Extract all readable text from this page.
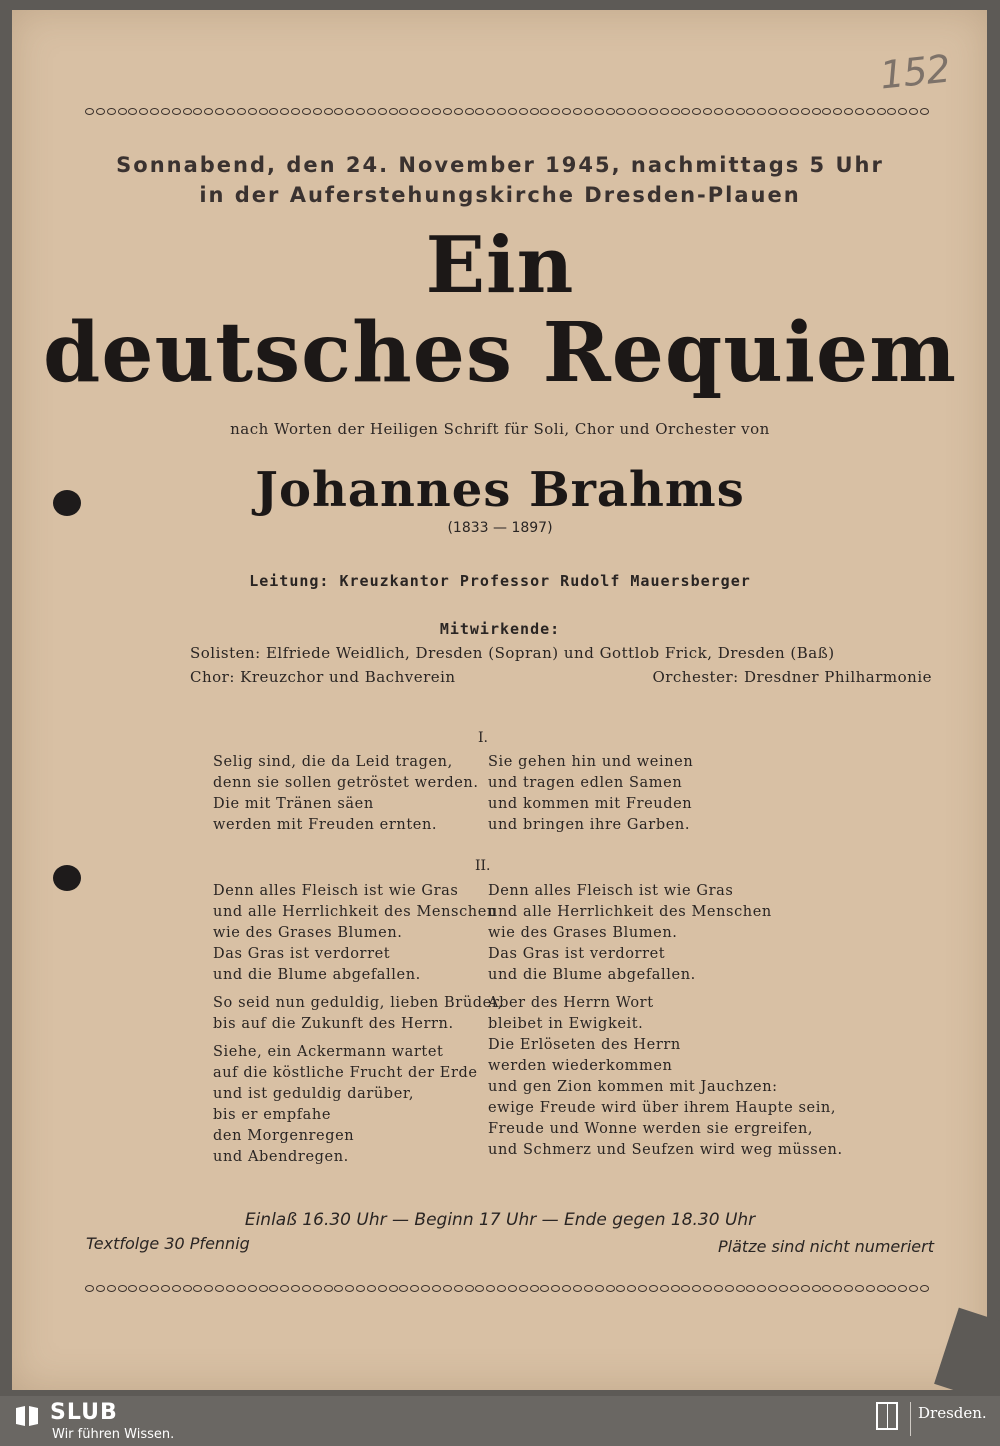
152
Sonnabend, den 24. November 1945, nachmittags 5 Uhr
in der Auferstehungskirche Dresden-Plauen
Ein
deutsches Requiem
nach Worten der Heiligen Schrift für Soli, Chor und Orchester von
Johannes Brahms
(1833 — 1897)
Leitung: Kreuzkantor Professor Rudolf Mauersberger
Mitwirkende:
Solisten: Elfriede Weidlich, Dresden (Sopran) und Gottlob Frick, Dresden (Baß)
Chor: Kreuzchor und Bachverein	Orchester: Dresdner Philharmonie
I.
Selig sind, die da Leid tragen,
denn sie sollen getröstet werden.
Die mit Tränen säen
werden mit Freuden ernten.
Sie gehen hin und weinen
und tragen edlen Samen
und kommen mit Freuden
und bringen ihre Garben.
II.
Denn alles Fleisch ist wie Gras
und alle Herrlichkeit des Menschen
wie des Grases Blumen.
Das Gras ist verdorret
und die Blume abgefallen.
So seid nun geduldig, lieben Brüder,
bis auf die Zukunft des Herrn.
Siehe, ein Ackermann wartet
auf die köstliche Frucht der Erde
und ist geduldig darüber,
bis er empfahe
den Morgenregen
und Abendregen.
Denn alles Fleisch ist wie Gras
und alle Herrlichkeit des Menschen
wie des Grases Blumen.
Das Gras ist verdorret
und die Blume abgefallen.
Aber des Herrn Wort
bleibet in Ewigkeit.
Die Erlöseten des Herrn
werden wiederkommen
und gen Zion kommen mit Jauchzen:
ewige Freude wird über ihrem Haupte sein,
Freude und Wonne werden sie ergreifen,
und Schmerz und Seufzen wird weg müssen.
Einlaß 16.30 Uhr — Beginn 17 Uhr — Ende gegen 18.30 Uhr
Textfolge 30 Pfennig	Plätze sind nicht numeriert
SLUB
Wir führen Wissen.
Dresden.
